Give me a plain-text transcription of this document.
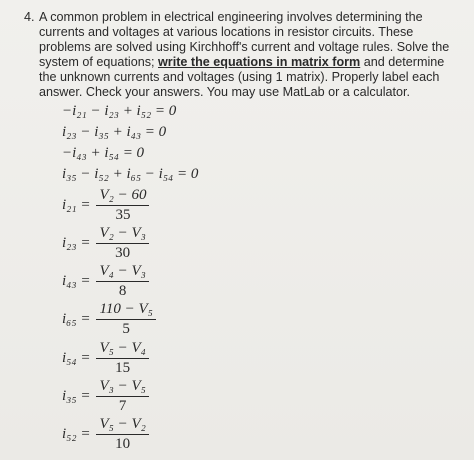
4. A common problem in electrical engineering involves determining the currents and voltages at various locations in resistor circuits. These problems are solved using Kirchhoff's current and voltage rules. Solve the system of equations; write the equations in matrix form and determine the unknown currents and voltages (using 1 matrix). Properly label each answer. Check your answers. You may use MatLab or a calculator.
−i₂₁ − i₂₃ + i₅₂ = 0
i₂₃ − i₃₅ + i₄₃ = 0
−i₄₃ + i₅₄ = 0
i₃₅ − i₅₂ + i₆₅ − i₅₄ = 0
$i_{21} = \frac{\text{V₂ − 60}}{35}$
$i_{23} = \frac{\text{V₂ − V₃}}{30}$
$i_{43} = \frac{\text{V₄ − V₃}}{8}$
$i_{65} = \frac{\text{110 − V₅}}{5}$
$i_{54} = \frac{\text{V₅ − V₄}}{15}$
$i_{35} = \frac{\text{V₃ − V₅}}{7}$
$i_{52} = \frac{\text{V₅ − V₂}}{10}$
